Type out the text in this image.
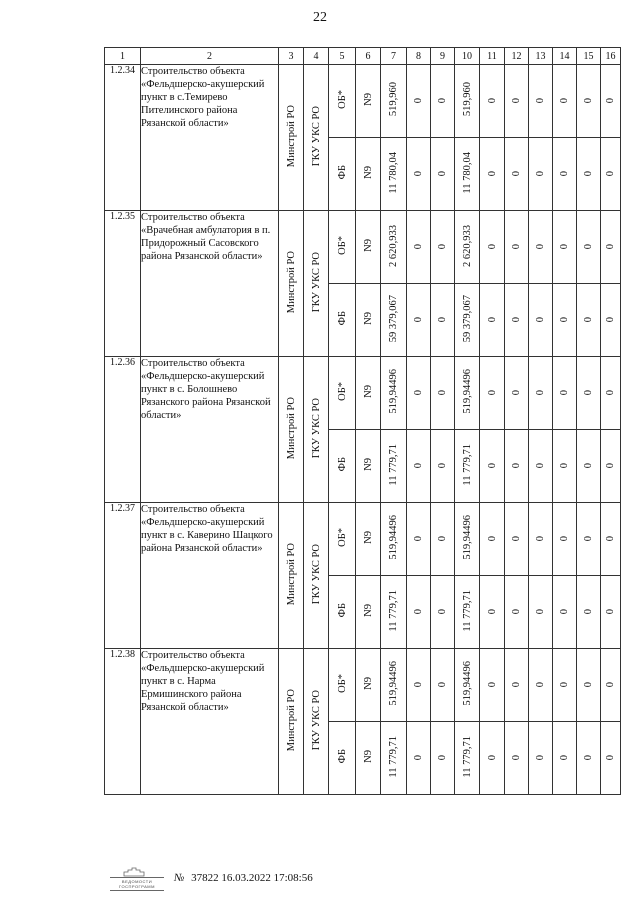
22
1	2	3	4	5	6	7	8	9	10	11	12	13	14	15	16
1.2.34	Строительство объекта «Фельдшерско-акушерский пункт в с.Темирево Пителинского района Рязанской области»	Минстрой РО	ГКУ УКС РО	ОБ*	N9	519,960	0	0	519,960	0	0	0	0	0	0
				ФБ	N9	11 780,04	0	0	11 780,04	0	0	0	0	0	0
1.2.35	Строительство объекта «Врачебная амбулатория в п. Придорожный Сасовского района Рязанской области»	Минстрой РО	ГКУ УКС РО	ОБ*	N9	2 620,933	0	0	2 620,933	0	0	0	0	0	0
				ФБ	N9	59 379,067	0	0	59 379,067	0	0	0	0	0	0
1.2.36	Строительство объекта «Фельдшерско-акушерский пункт в с. Болошнево Рязанского района Рязанской области»	Минстрой РО	ГКУ УКС РО	ОБ*	N9	519,94496	0	0	519,94496	0	0	0	0	0	0
				ФБ	N9	11 779,71	0	0	11 779,71	0	0	0	0	0	0
1.2.37	Строительство объекта «Фельдшерско-акушерский пункт в с. Каверино Шацкого района Рязанской области»	Минстрой РО	ГКУ УКС РО	ОБ*	N9	519,94496	0	0	519,94496	0	0	0	0	0	0
				ФБ	N9	11 779,71	0	0	11 779,71	0	0	0	0	0	0
1.2.38	Строительство объекта «Фельдшерско-акушерский пункт в с. Нарма Ермишинского района Рязанской области»	Минстрой РО	ГКУ УКС РО	ОБ*	N9	519,94496	0	0	519,94496	0	0	0	0	0	0
				ФБ	N9	11 779,71	0	0	11 779,71	0	0	0	0	0	0
ВЕДОМОСТИ ГОСПРОГРАММ
№ 37822 16.03.2022 17:08:56
